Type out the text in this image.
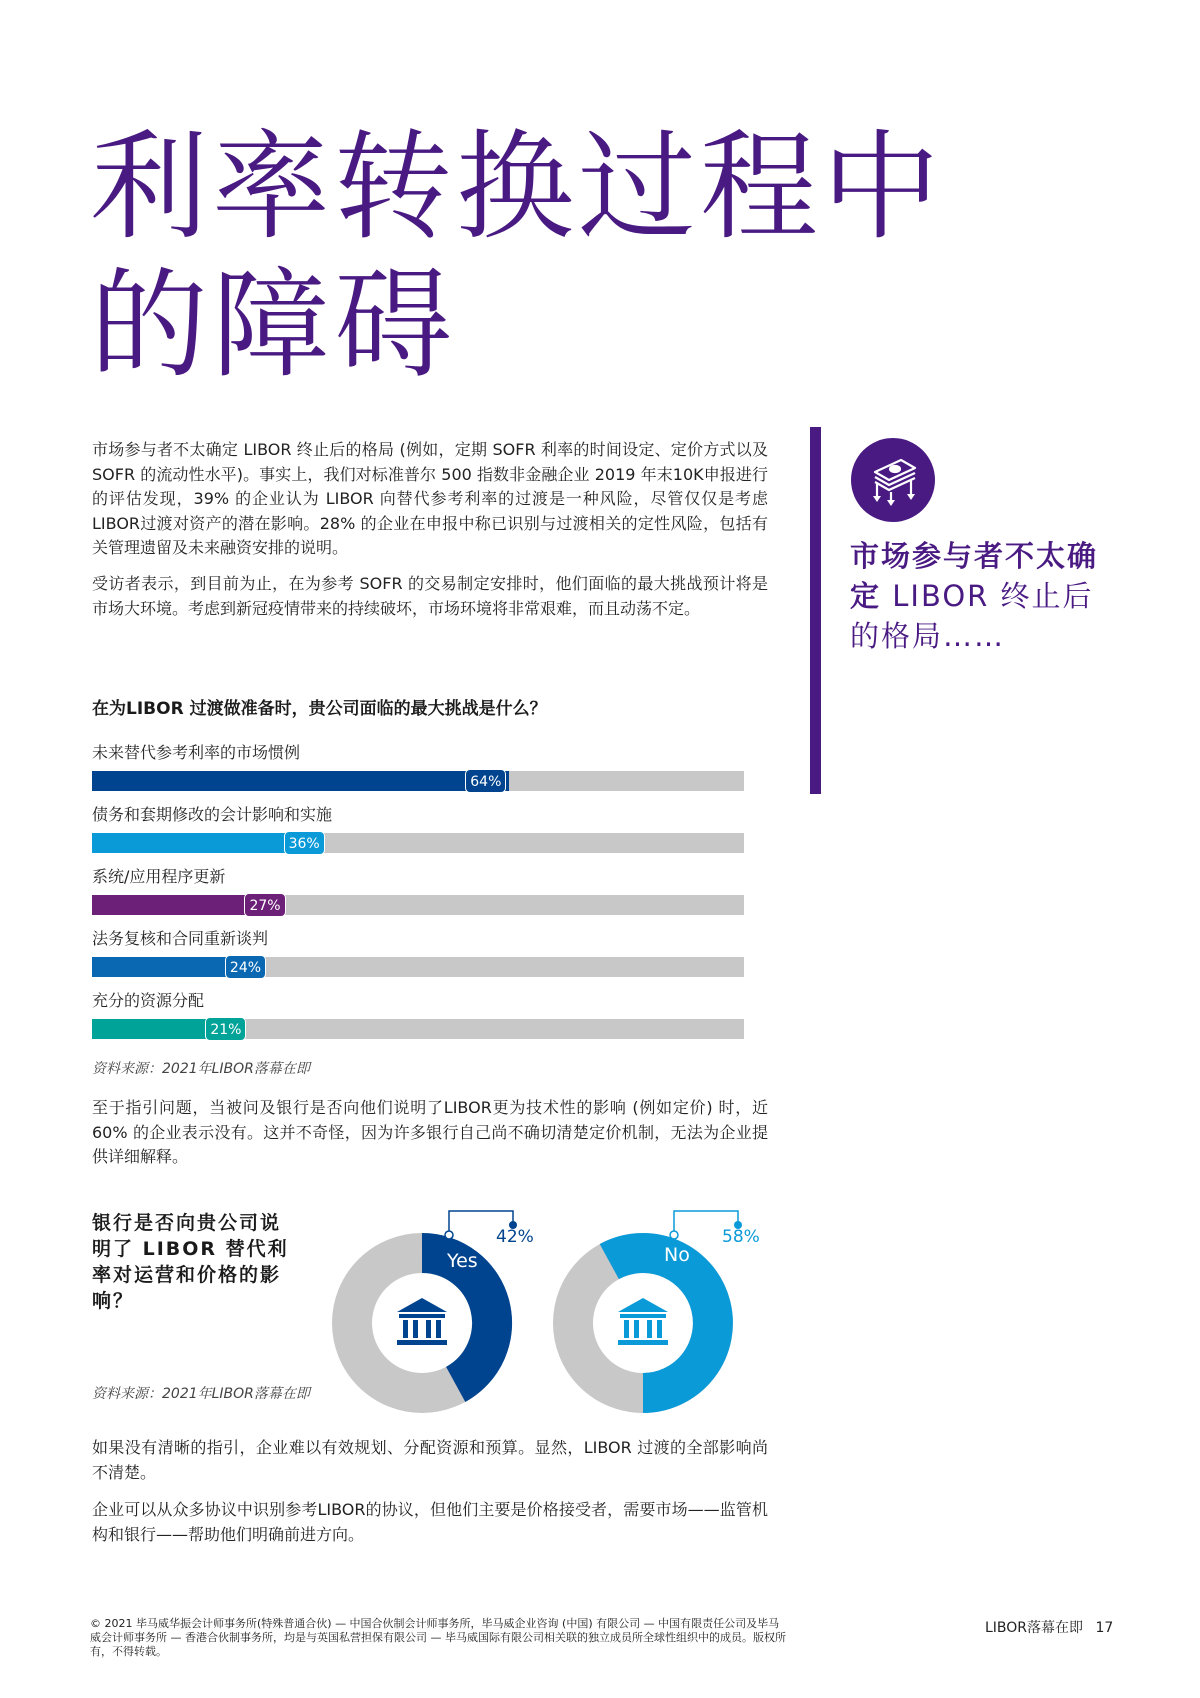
利率转换过程中
的障碍

市场参与者不太确定 LIBOR 终止后的格局 (例如，定期 SOFR 利率的时间设定、定价方式以及 SOFR 的流动性水平)。事实上，我们对标准普尔 500 指数非金融企业 2019 年末10K申报进行的评估发现，39% 的企业认为 LIBOR 向替代参考利率的过渡是一种风险，尽管仅仅是考虑LIBOR过渡对资产的潜在影响。28% 的企业在申报中称已识别与过渡相关的定性风险，包括有关管理遗留及未来融资安排的说明。

受访者表示，到目前为止，在为参考 SOFR 的交易制定安排时，他们面临的最大挑战预计将是市场大环境。考虑到新冠疫情带来的持续破坏，市场环境将非常艰难，而且动荡不定。

市场参与者不太确定 LIBOR 终止后的格局……
在为LIBOR 过渡做准备时，贵公司面临的最大挑战是什么？
未来替代参考利率的市场惯例
64%
债务和套期修改的会计影响和实施
36%
系统/应用程序更新
27%
法务复核和合同重新谈判
24%
充分的资源分配
21%
资料来源：2021年LIBOR落幕在即

至于指引问题，当被问及银行是否向他们说明了LIBOR更为技术性的影响 (例如定价) 时，近 60% 的企业表示没有。这并不奇怪，因为许多银行自己尚不确切清楚定价机制，无法为企业提供详细解释。

银行是否向贵公司说明了 LIBOR 替代利率对运营和价格的影响？
资料来源：2021年LIBOR落幕在即
42%
Yes
58%
No

如果没有清晰的指引，企业难以有效规划、分配资源和预算。显然，LIBOR 过渡的全部影响尚不清楚。

企业可以从众多协议中识别参考LIBOR的协议，但他们主要是价格接受者，需要市场——监管机构和银行——帮助他们明确前进方向。

© 2021 毕马威华振会计师事务所(特殊普通合伙) — 中国合伙制会计师事务所，毕马威企业咨询 (中国) 有限公司 — 中国有限责任公司及毕马威会计师事务所 — 香港合伙制事务所，均是与英国私营担保有限公司 — 毕马威国际有限公司相关联的独立成员所全球性组织中的成员。版权所有，不得转载。
LIBOR落幕在即 17
